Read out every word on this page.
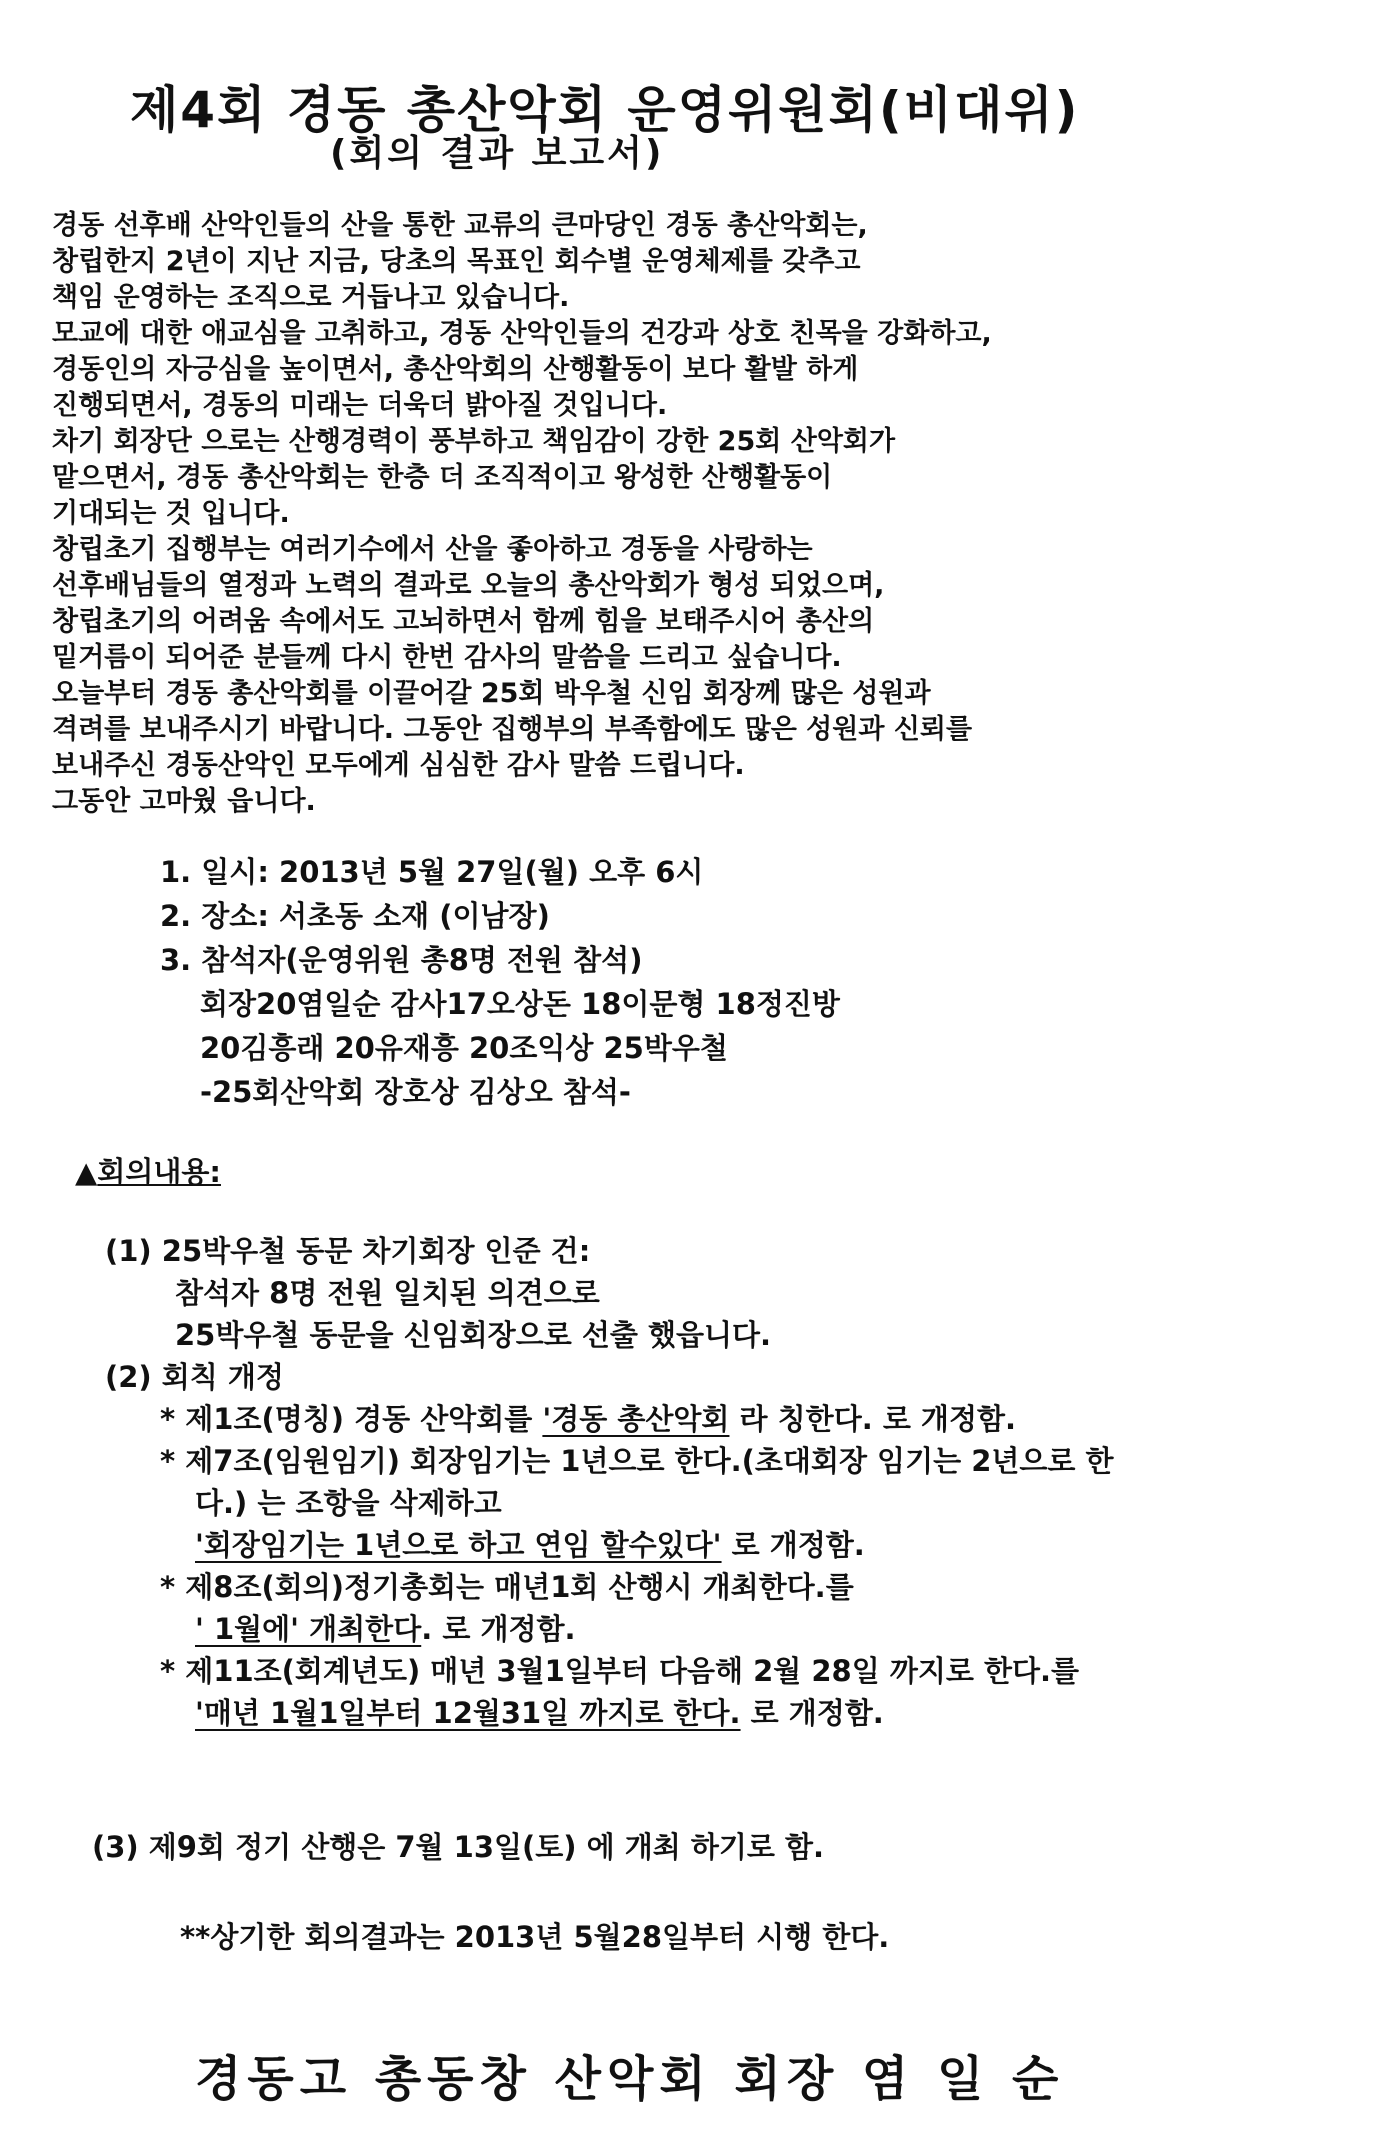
제4회 경동 총산악회 운영위원회(비대위)
(회의 결과 보고서)
경동 선후배 산악인들의 산을 통한 교류의 큰마당인 경동 총산악회는,
창립한지 2년이 지난 지금, 당초의 목표인 회수별 운영체제를 갖추고
책임 운영하는 조직으로 거듭나고 있습니다.
모교에 대한 애교심을 고취하고, 경동 산악인들의 건강과 상호 친목을 강화하고,
경동인의 자긍심을 높이면서, 총산악회의 산행활동이 보다 활발 하게
진행되면서, 경동의 미래는 더욱더 밝아질 것입니다.
차기 회장단 으로는 산행경력이 풍부하고 책임감이 강한 25회 산악회가
맡으면서, 경동 총산악회는 한층 더 조직적이고 왕성한 산행활동이
기대되는 것 입니다.
창립초기 집행부는 여러기수에서 산을 좋아하고 경동을 사랑하는
선후배님들의 열정과 노력의 결과로 오늘의 총산악회가 형성 되었으며,
창립초기의 어려움 속에서도 고뇌하면서 함께 힘을 보태주시어 총산의
밑거름이 되어준 분들께 다시 한번 감사의 말씀을 드리고 싶습니다.
오늘부터 경동 총산악회를 이끌어갈 25회 박우철 신임 회장께 많은 성원과
격려를 보내주시기 바랍니다. 그동안 집행부의 부족함에도 많은 성원과 신뢰를
보내주신 경동산악인 모두에게 심심한 감사 말씀 드립니다.
그동안 고마웠 읍니다.
1. 일시: 2013년 5월 27일(월) 오후 6시
2. 장소: 서초동 소재 (이남장)
3. 참석자(운영위원 총8명 전원 참석)
회장20염일순 감사17오상돈 18이문형 18정진방
20김흥래 20유재흥 20조익상 25박우철
-25회산악회 장호상 김상오 참석-
▲회의내용:
(1) 25박우철 동문 차기회장 인준 건:
참석자 8명 전원 일치된 의견으로
25박우철 동문을 신임회장으로 선출 했읍니다.
(2) 회칙 개정
* 제1조(명칭) 경동 산악회를 '경동 총산악회 라 칭한다. 로 개정함.
* 제7조(임원임기) 회장임기는 1년으로 한다.(초대회장 임기는 2년으로 한
다.) 는 조항을 삭제하고
'회장임기는 1년으로 하고 연임 할수있다' 로 개정함.
* 제8조(회의)정기총회는 매년1회 산행시 개최한다.를
' 1월에' 개최한다. 로 개정함.
* 제11조(회계년도) 매년 3월1일부터 다음해 2월 28일 까지로 한다.를
'매년 1월1일부터 12월31일 까지로 한다. 로 개정함.
(3) 제9회 정기 산행은 7월 13일(토) 에 개최 하기로 함.
**상기한 회의결과는 2013년 5월28일부터 시행 한다.
경동고 총동창 산악회 회장 염 일 순
